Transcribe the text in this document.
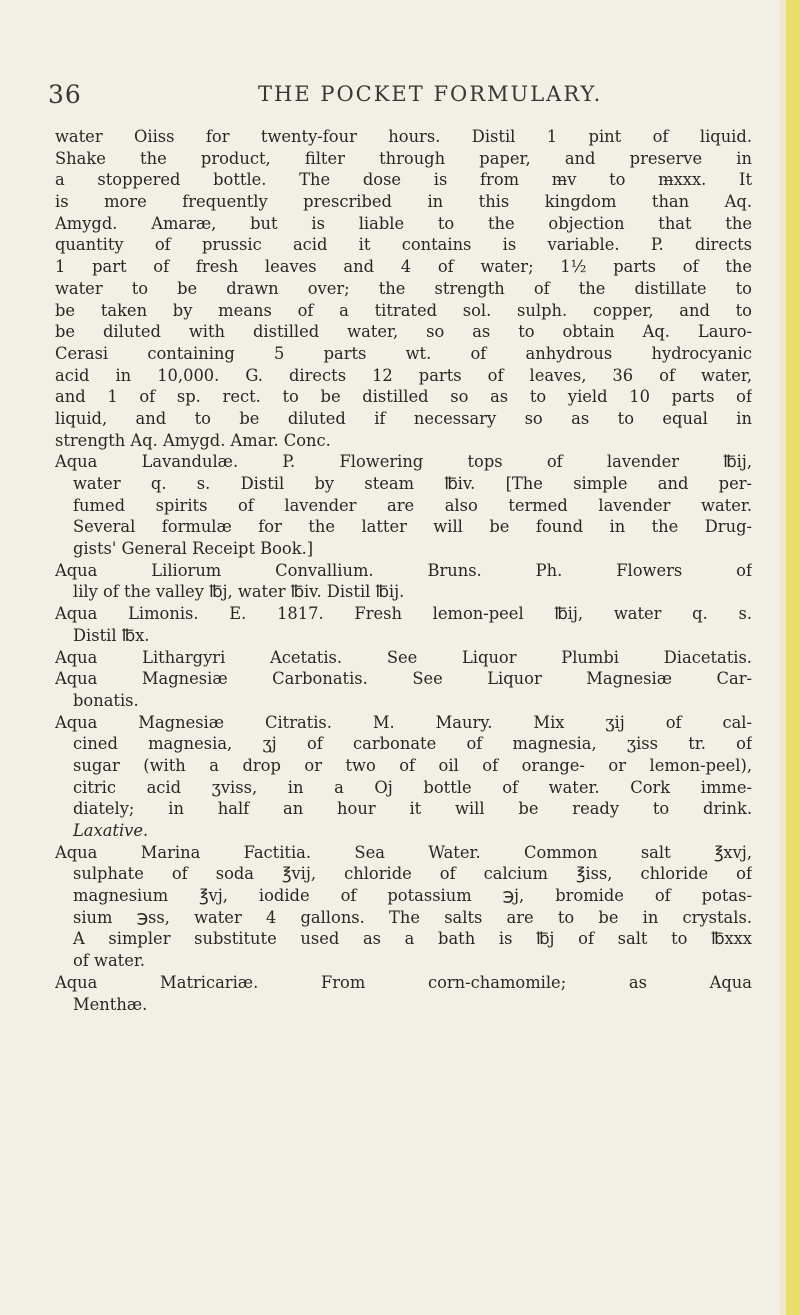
36	THE POCKET FORMULARY.
water Oiiss for twenty-four hours. Distil 1 pint of liquid.
Shake the product, filter through paper, and preserve in
a stoppered bottle. The dose is from m̶v to m̶xxx. It
is more frequently prescribed in this kingdom than Aq.
Amygd. Amaræ, but is liable to the objection that the
quantity of prussic acid it contains is variable. P. directs
1 part of fresh leaves and 4 of water; 1½ parts of the
water to be drawn over; the strength of the distillate to
be taken by means of a titrated sol. sulph. copper, and to
be diluted with distilled water, so as to obtain Aq. Lauro-
Cerasi containing 5 parts wt. of anhydrous hydrocyanic
acid in 10,000. G. directs 12 parts of leaves, 36 of water,
and 1 of sp. rect. to be distilled so as to yield 10 parts of
liquid, and to be diluted if necessary so as to equal in
strength Aq. Amygd. Amar. Conc.
Aqua Lavandulæ. P. Flowering tops of lavender ℔ij,
water q. s. Distil by steam ℔iv. [The simple and per-
fumed spirits of lavender are also termed lavender water.
Several formulæ for the latter will be found in the Drug-
gists' General Receipt Book.]
Aqua Liliorum Convallium. Bruns. Ph. Flowers of
lily of the valley ℔j, water ℔iv. Distil ℔ij.
Aqua Limonis. E. 1817. Fresh lemon-peel ℔ij, water q. s.
Distil ℔x.
Aqua Lithargyri Acetatis. See Liquor Plumbi Diacetatis.
Aqua Magnesiæ Carbonatis. See Liquor Magnesiæ Car-
bonatis.
Aqua Magnesiæ Citratis. M. Maury. Mix ʒij of cal-
cined magnesia, ʒj of carbonate of magnesia, ʒiss tr. of
sugar (with a drop or two of oil of orange- or lemon-peel),
citric acid ʒviss, in a Oj bottle of water. Cork imme-
diately; in half an hour it will be ready to drink.
Laxative.
Aqua Marina Factitia. Sea Water. Common salt ℥xvj,
sulphate of soda ℥vij, chloride of calcium ℥iss, chloride of
magnesium ℥vj, iodide of potassium ℈j, bromide of potas-
sium ℈ss, water 4 gallons. The salts are to be in crystals.
A simpler substitute used as a bath is ℔j of salt to ℔xxx
of water.
Aqua Matricariæ. From corn-chamomile; as Aqua
Menthæ.
